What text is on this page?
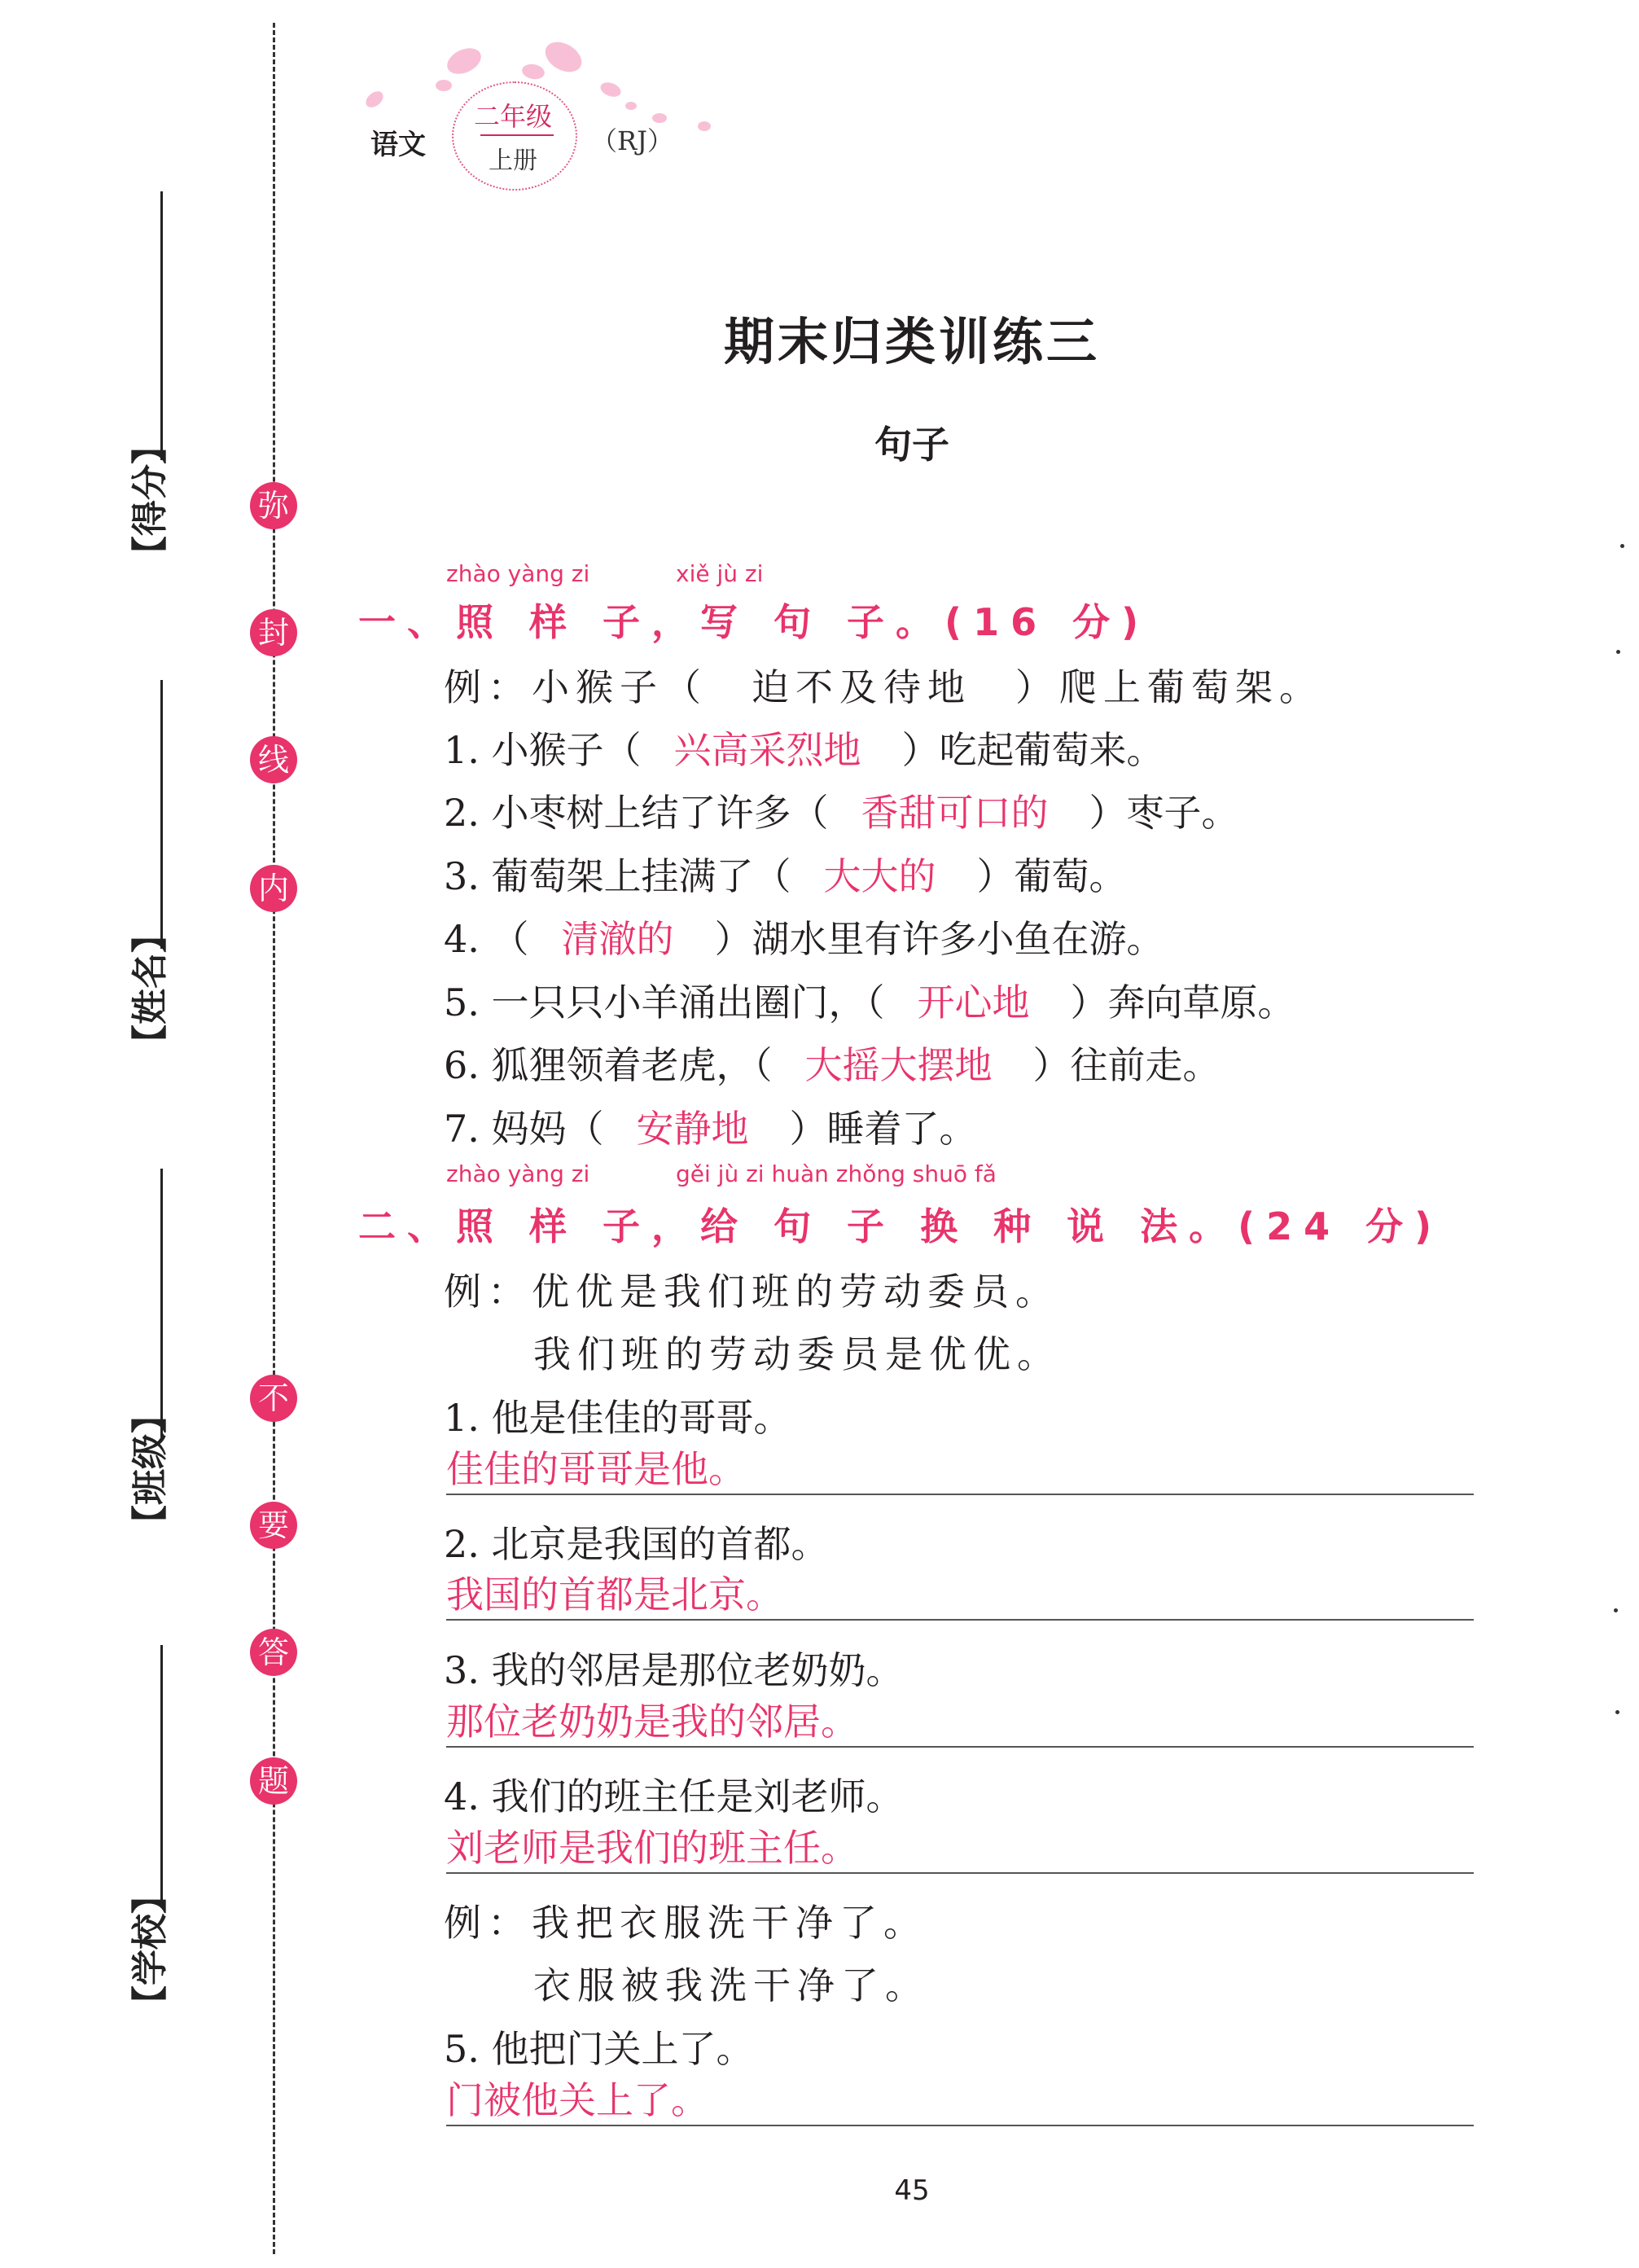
弥
封
线
内
不
要
答
题
【得分】
【姓名】
【班级】
【学校】
语文
二年级
上册
（RJ）
期末归类训练三
句子
zhào yàng zi	xiě jù zi
一、照 样 子，写 句 子。(16 分)
例：小猴子（　迫不及待地　）爬上葡萄架。
1. 小猴子（ 兴高采烈地 ）吃起葡萄来。
2. 小枣树上结了许多（ 香甜可口的 ）枣子。
3. 葡萄架上挂满了（ 大大的 ）葡萄。
4. （ 清澈的 ）湖水里有许多小鱼在游。
5. 一只只小羊涌出圈门，（ 开心地 ）奔向草原。
6. 狐狸领着老虎，（ 大摇大摆地 ）往前走。
7. 妈妈（ 安静地 ）睡着了。
zhào yàng zi	gěi jù zi huàn zhǒng shuō fǎ
二、照 样 子，给 句 子 换 种 说 法。(24 分)
例：优优是我们班的劳动委员。
我们班的劳动委员是优优。
1. 他是佳佳的哥哥。
佳佳的哥哥是他。
2. 北京是我国的首都。
我国的首都是北京。
3. 我的邻居是那位老奶奶。
那位老奶奶是我的邻居。
4. 我们的班主任是刘老师。
刘老师是我们的班主任。
例：我把衣服洗干净了。
衣服被我洗干净了。
5. 他把门关上了。
门被他关上了。
45
